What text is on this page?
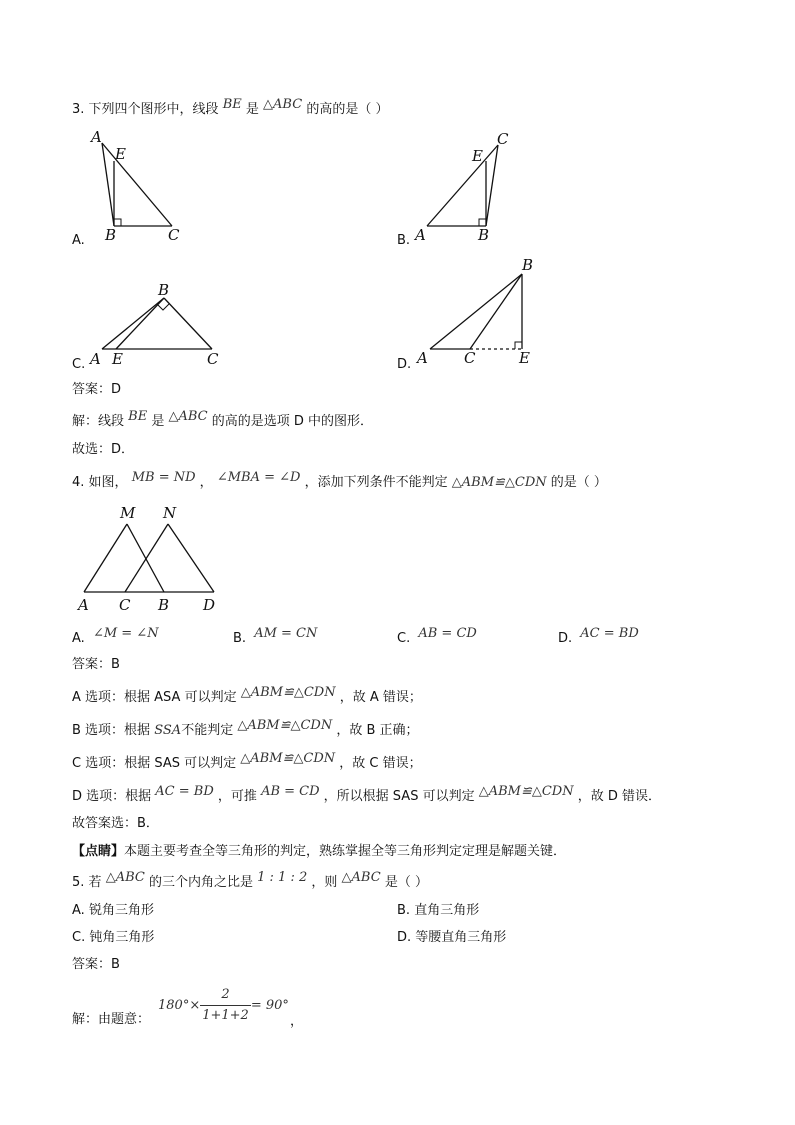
3. 下列四个图形中，线段 BE 是 △ABC 的高的是（ ）
A.
A
E
B	C	B.
C
E
A	B
C.
B
A E	C	D.
B
A C	E
答案：D
解：线段 BE 是 △ABC 的高的是选项 D 中的图形．
故选：D．
4. 如图， MB = ND ， ∠MBA = ∠D ，添加下列条件不能判定 △ABM≌△CDN 的是（ ）
M N
A C B D
A. ∠M = ∠N	B. AM = CN	C. AB = CD	D. AC = BD
答案：B
A 选项：根据 ASA 可以判定 △ABM≌△CDN ，故 A 错误；
B 选项：根据 SSA不能判定 △ABM≌△CDN ，故 B 正确；
C 选项：根据 SAS 可以判定 △ABM≌△CDN ，故 C 错误；
D 选项：根据 AC = BD ，可推 AB = CD ，所以根据 SAS 可以判定 △ABM≌△CDN ，故 D 错误．
故答案选：B．
【点睛】本题主要考查全等三角形的判定，熟练掌握全等三角形判定定理是解题关键．
5. 若 △ABC 的三个内角之比是 1 : 1 : 2 ，则 △ABC 是（ ）
A. 锐角三角形	B. 直角三角形
C. 钝角三角形	D. 等腰直角三角形
答案：B
解：由题意：
$180^\circ\times \frac{2}{1+1+2} = 90^\circ$
，
